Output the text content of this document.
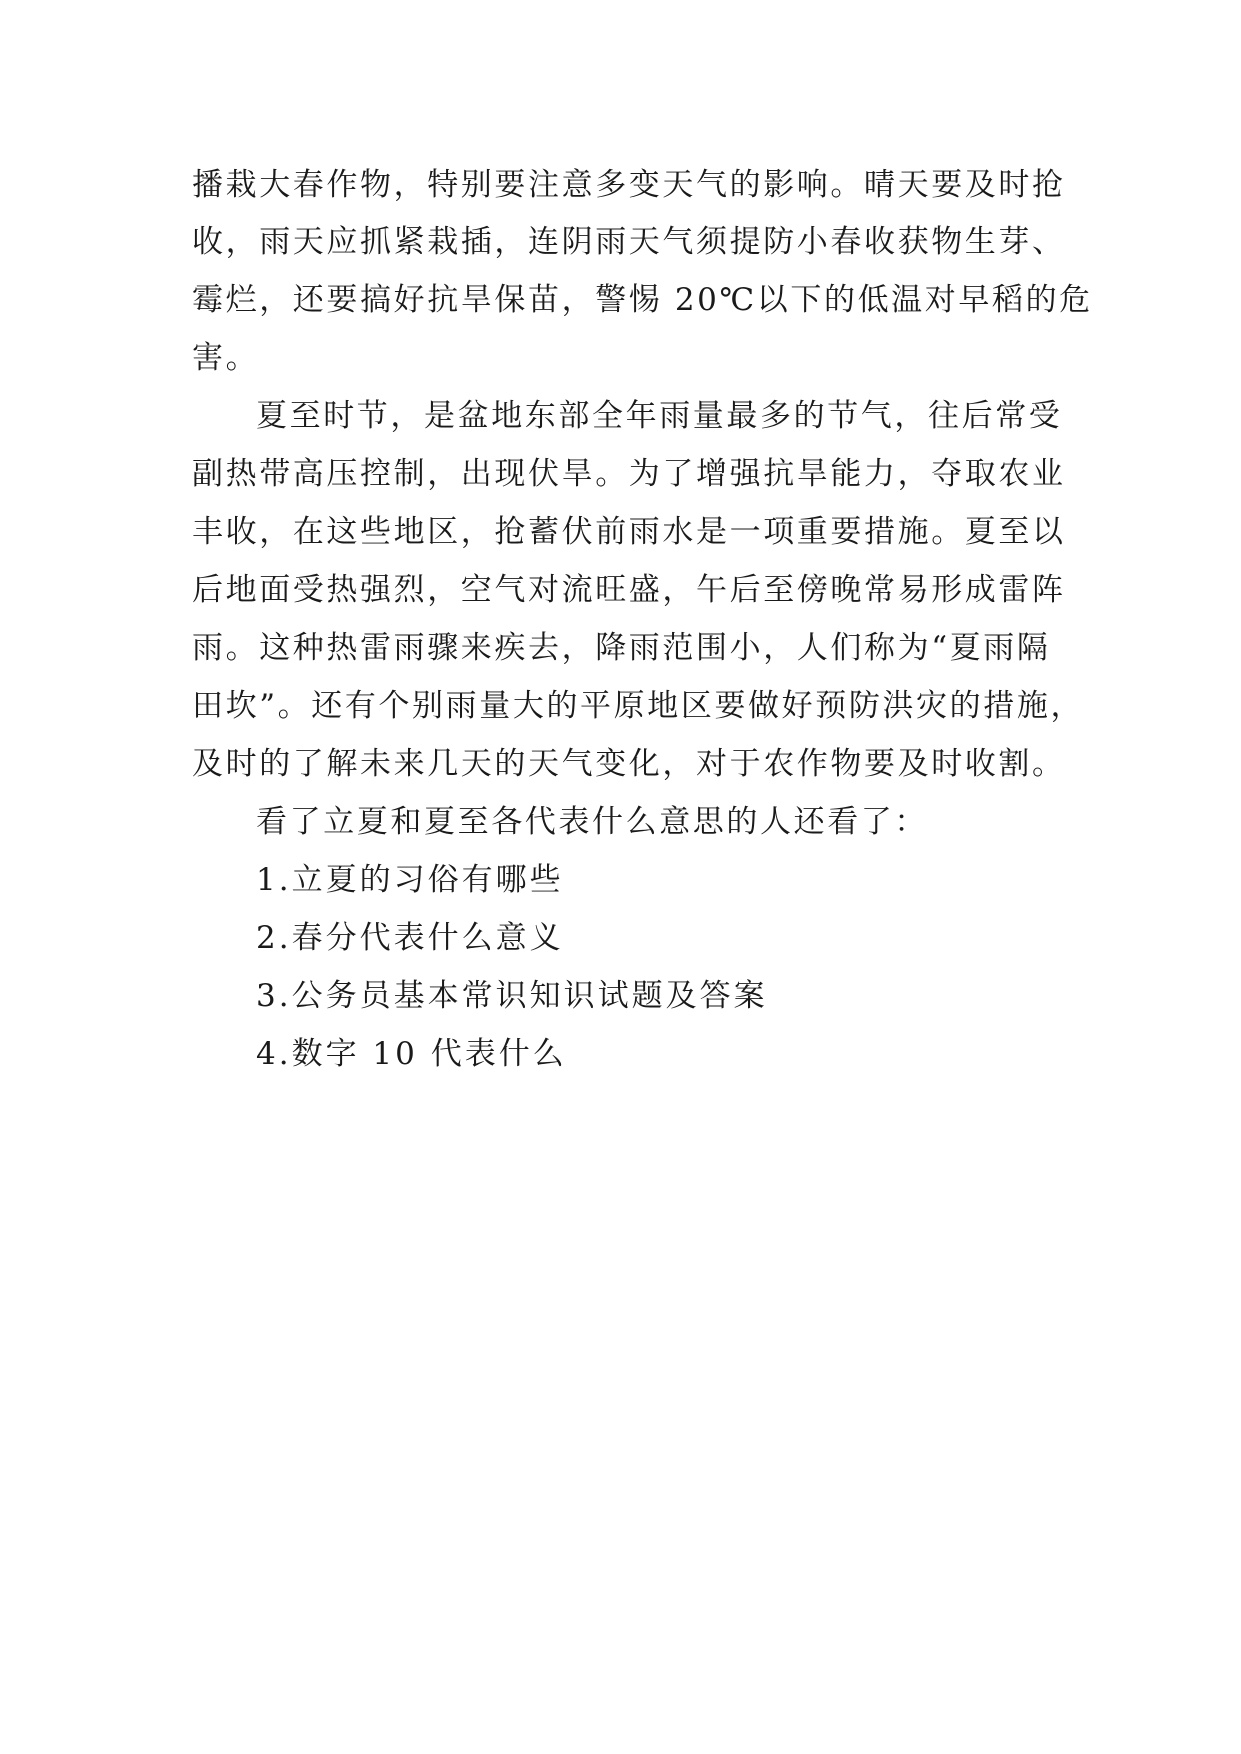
播栽大春作物，特别要注意多变天气的影响。晴天要及时抢
收，雨天应抓紧栽插，连阴雨天气须提防小春收获物生芽、
霉烂，还要搞好抗旱保苗，警惕 20℃以下的低温对早稻的危
害。
夏至时节，是盆地东部全年雨量最多的节气，往后常受
副热带高压控制，出现伏旱。为了增强抗旱能力，夺取农业
丰收，在这些地区，抢蓄伏前雨水是一项重要措施。夏至以
后地面受热强烈，空气对流旺盛，午后至傍晚常易形成雷阵
雨。这种热雷雨骤来疾去，降雨范围小，人们称为“夏雨隔
田坎”。还有个别雨量大的平原地区要做好预防洪灾的措施，
及时的了解未来几天的天气变化，对于农作物要及时收割。
看了立夏和夏至各代表什么意思的人还看了：
1.立夏的习俗有哪些
2.春分代表什么意义
3.公务员基本常识知识试题及答案
4.数字 10 代表什么
